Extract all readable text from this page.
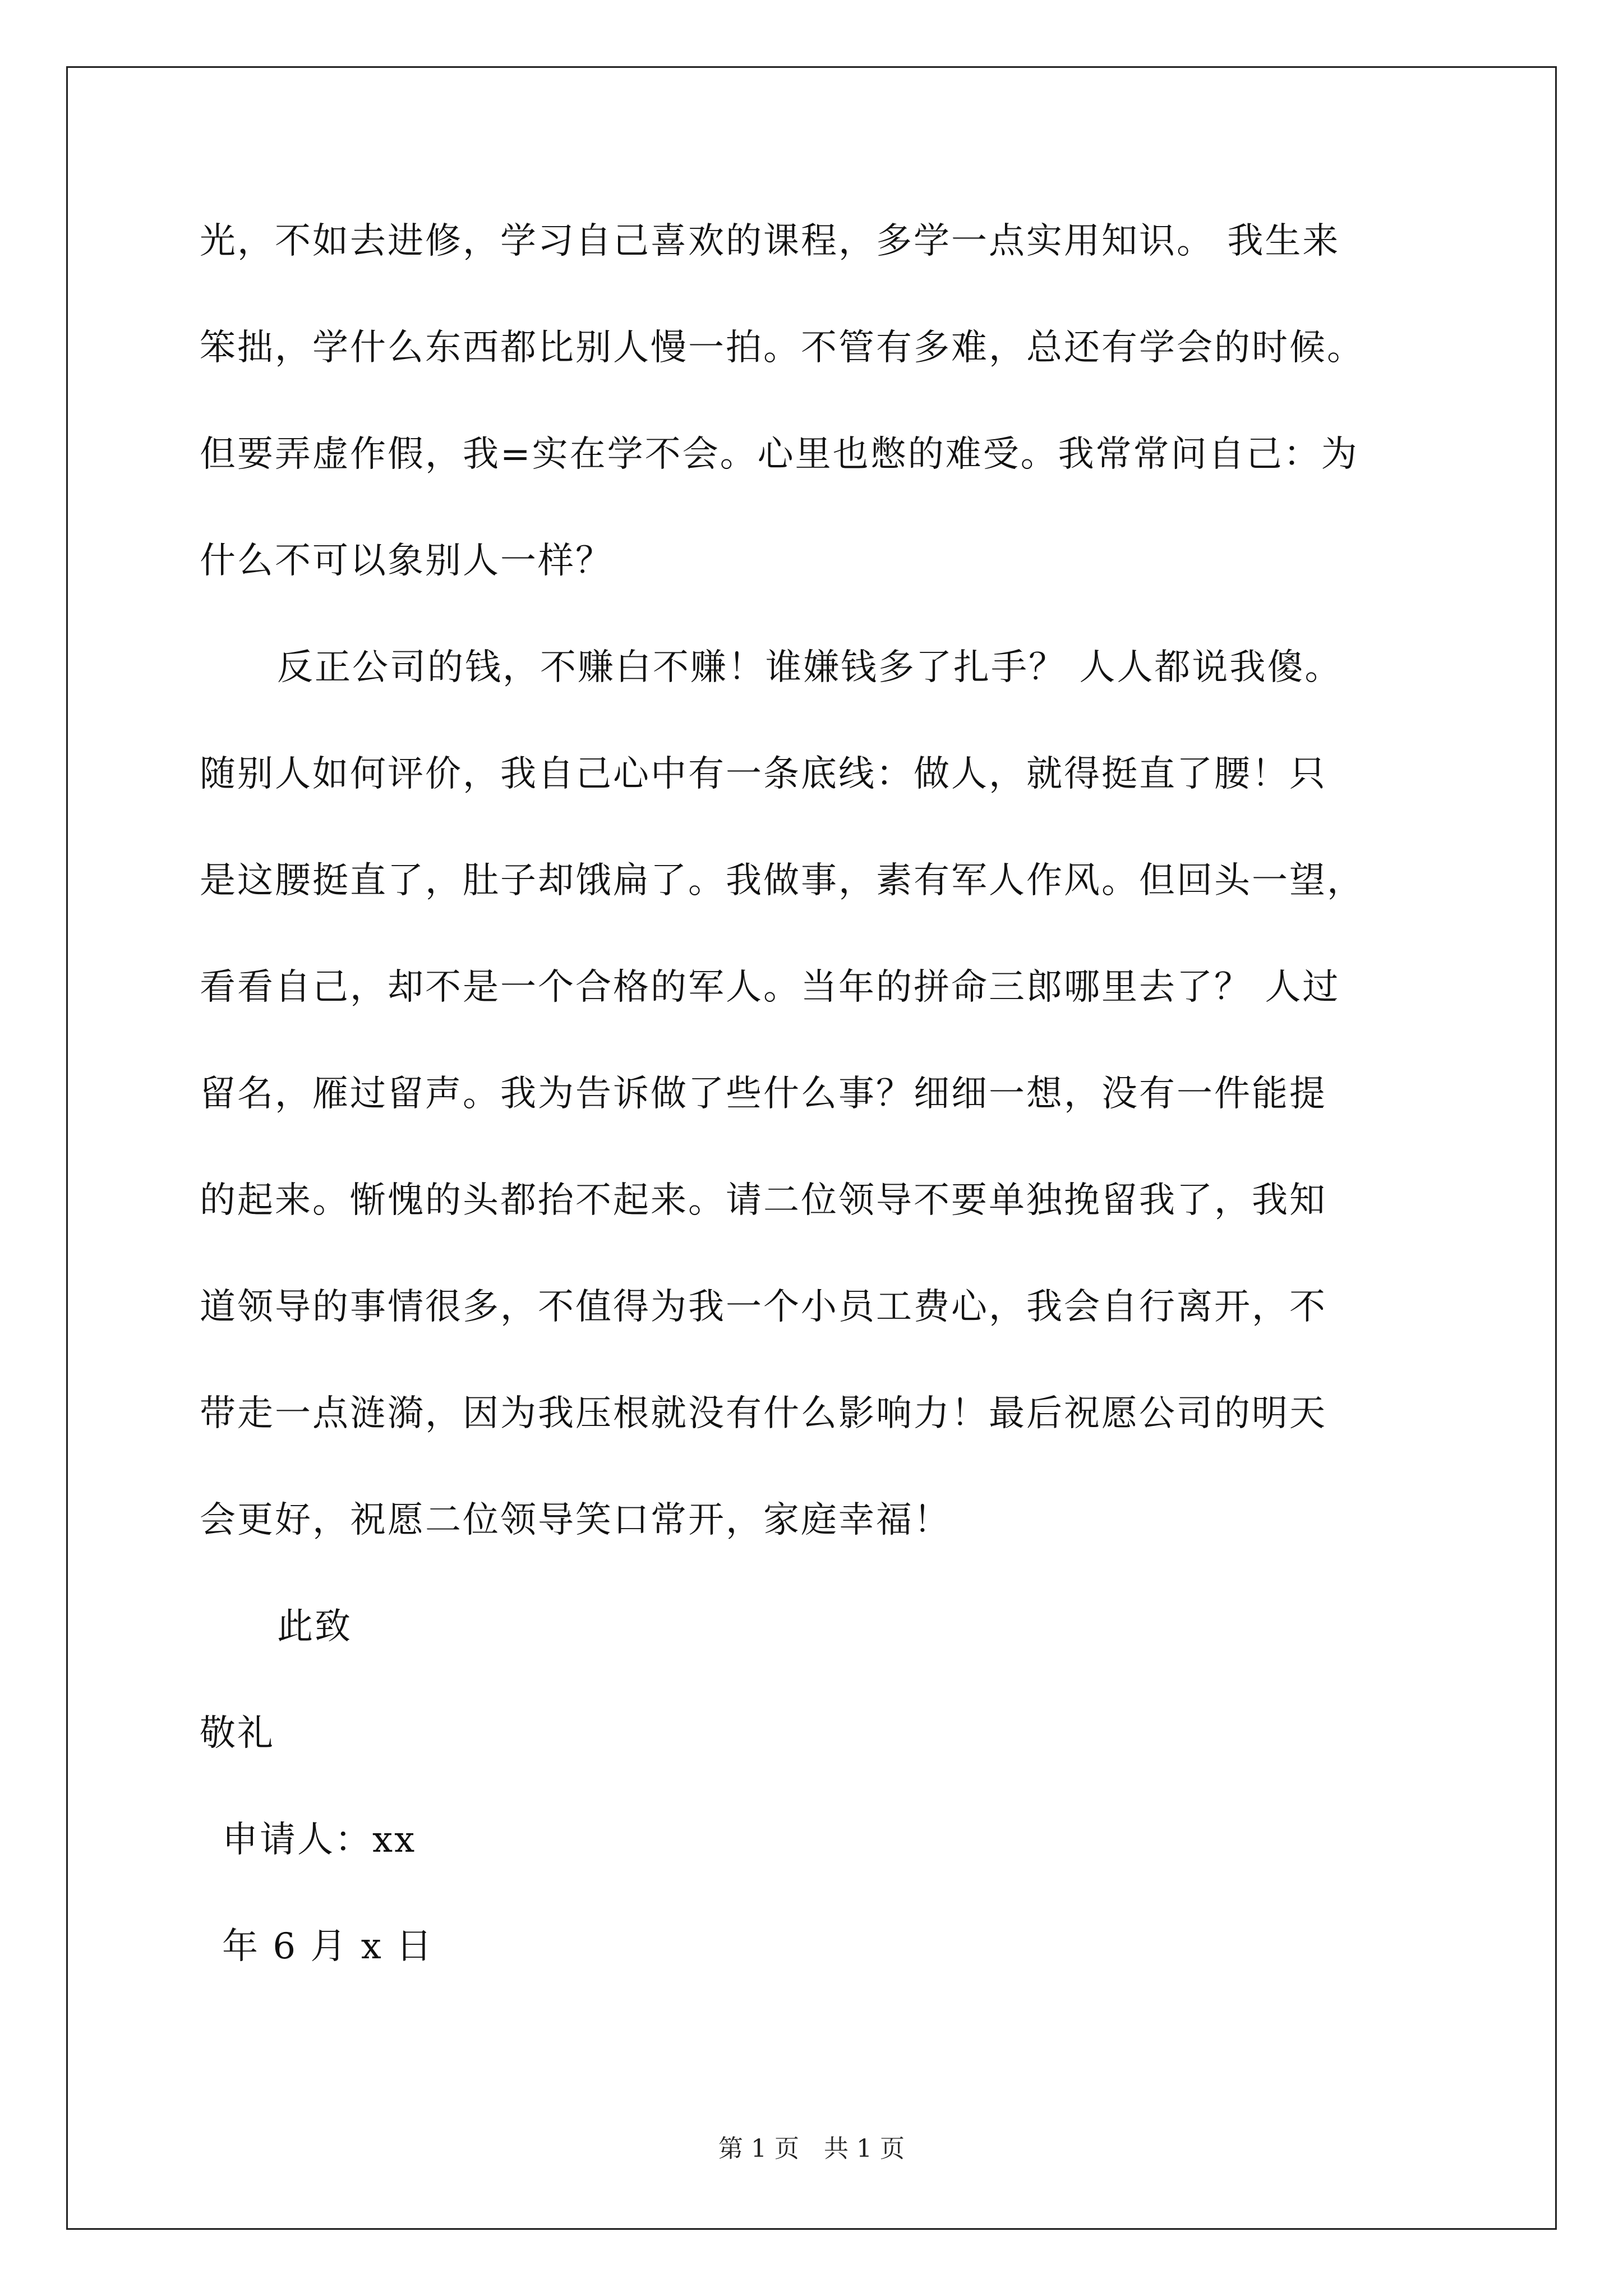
光，不如去进修，学习自己喜欢的课程，多学一点实用知识。 我生来
笨拙，学什么东西都比别人慢一拍。不管有多难，总还有学会的时候。
但要弄虚作假，我=实在学不会。心里也憋的难受。我常常问自己：为
什么不可以象别人一样？
反正公司的钱，不赚白不赚！谁嫌钱多了扎手？ 人人都说我傻。
随别人如何评价，我自己心中有一条底线：做人，就得挺直了腰！只
是这腰挺直了，肚子却饿扁了。我做事，素有军人作风。但回头一望，
看看自己，却不是一个合格的军人。当年的拼命三郎哪里去了？ 人过
留名，雁过留声。我为告诉做了些什么事？细细一想，没有一件能提
的起来。惭愧的头都抬不起来。请二位领导不要单独挽留我了，我知
道领导的事情很多，不值得为我一个小员工费心，我会自行离开，不
带走一点涟漪，因为我压根就没有什么影响力！最后祝愿公司的明天
会更好，祝愿二位领导笑口常开，家庭幸福！
此致
敬礼
申请人：xx
年 6 月 x 日
第 1 页　共 1 页
